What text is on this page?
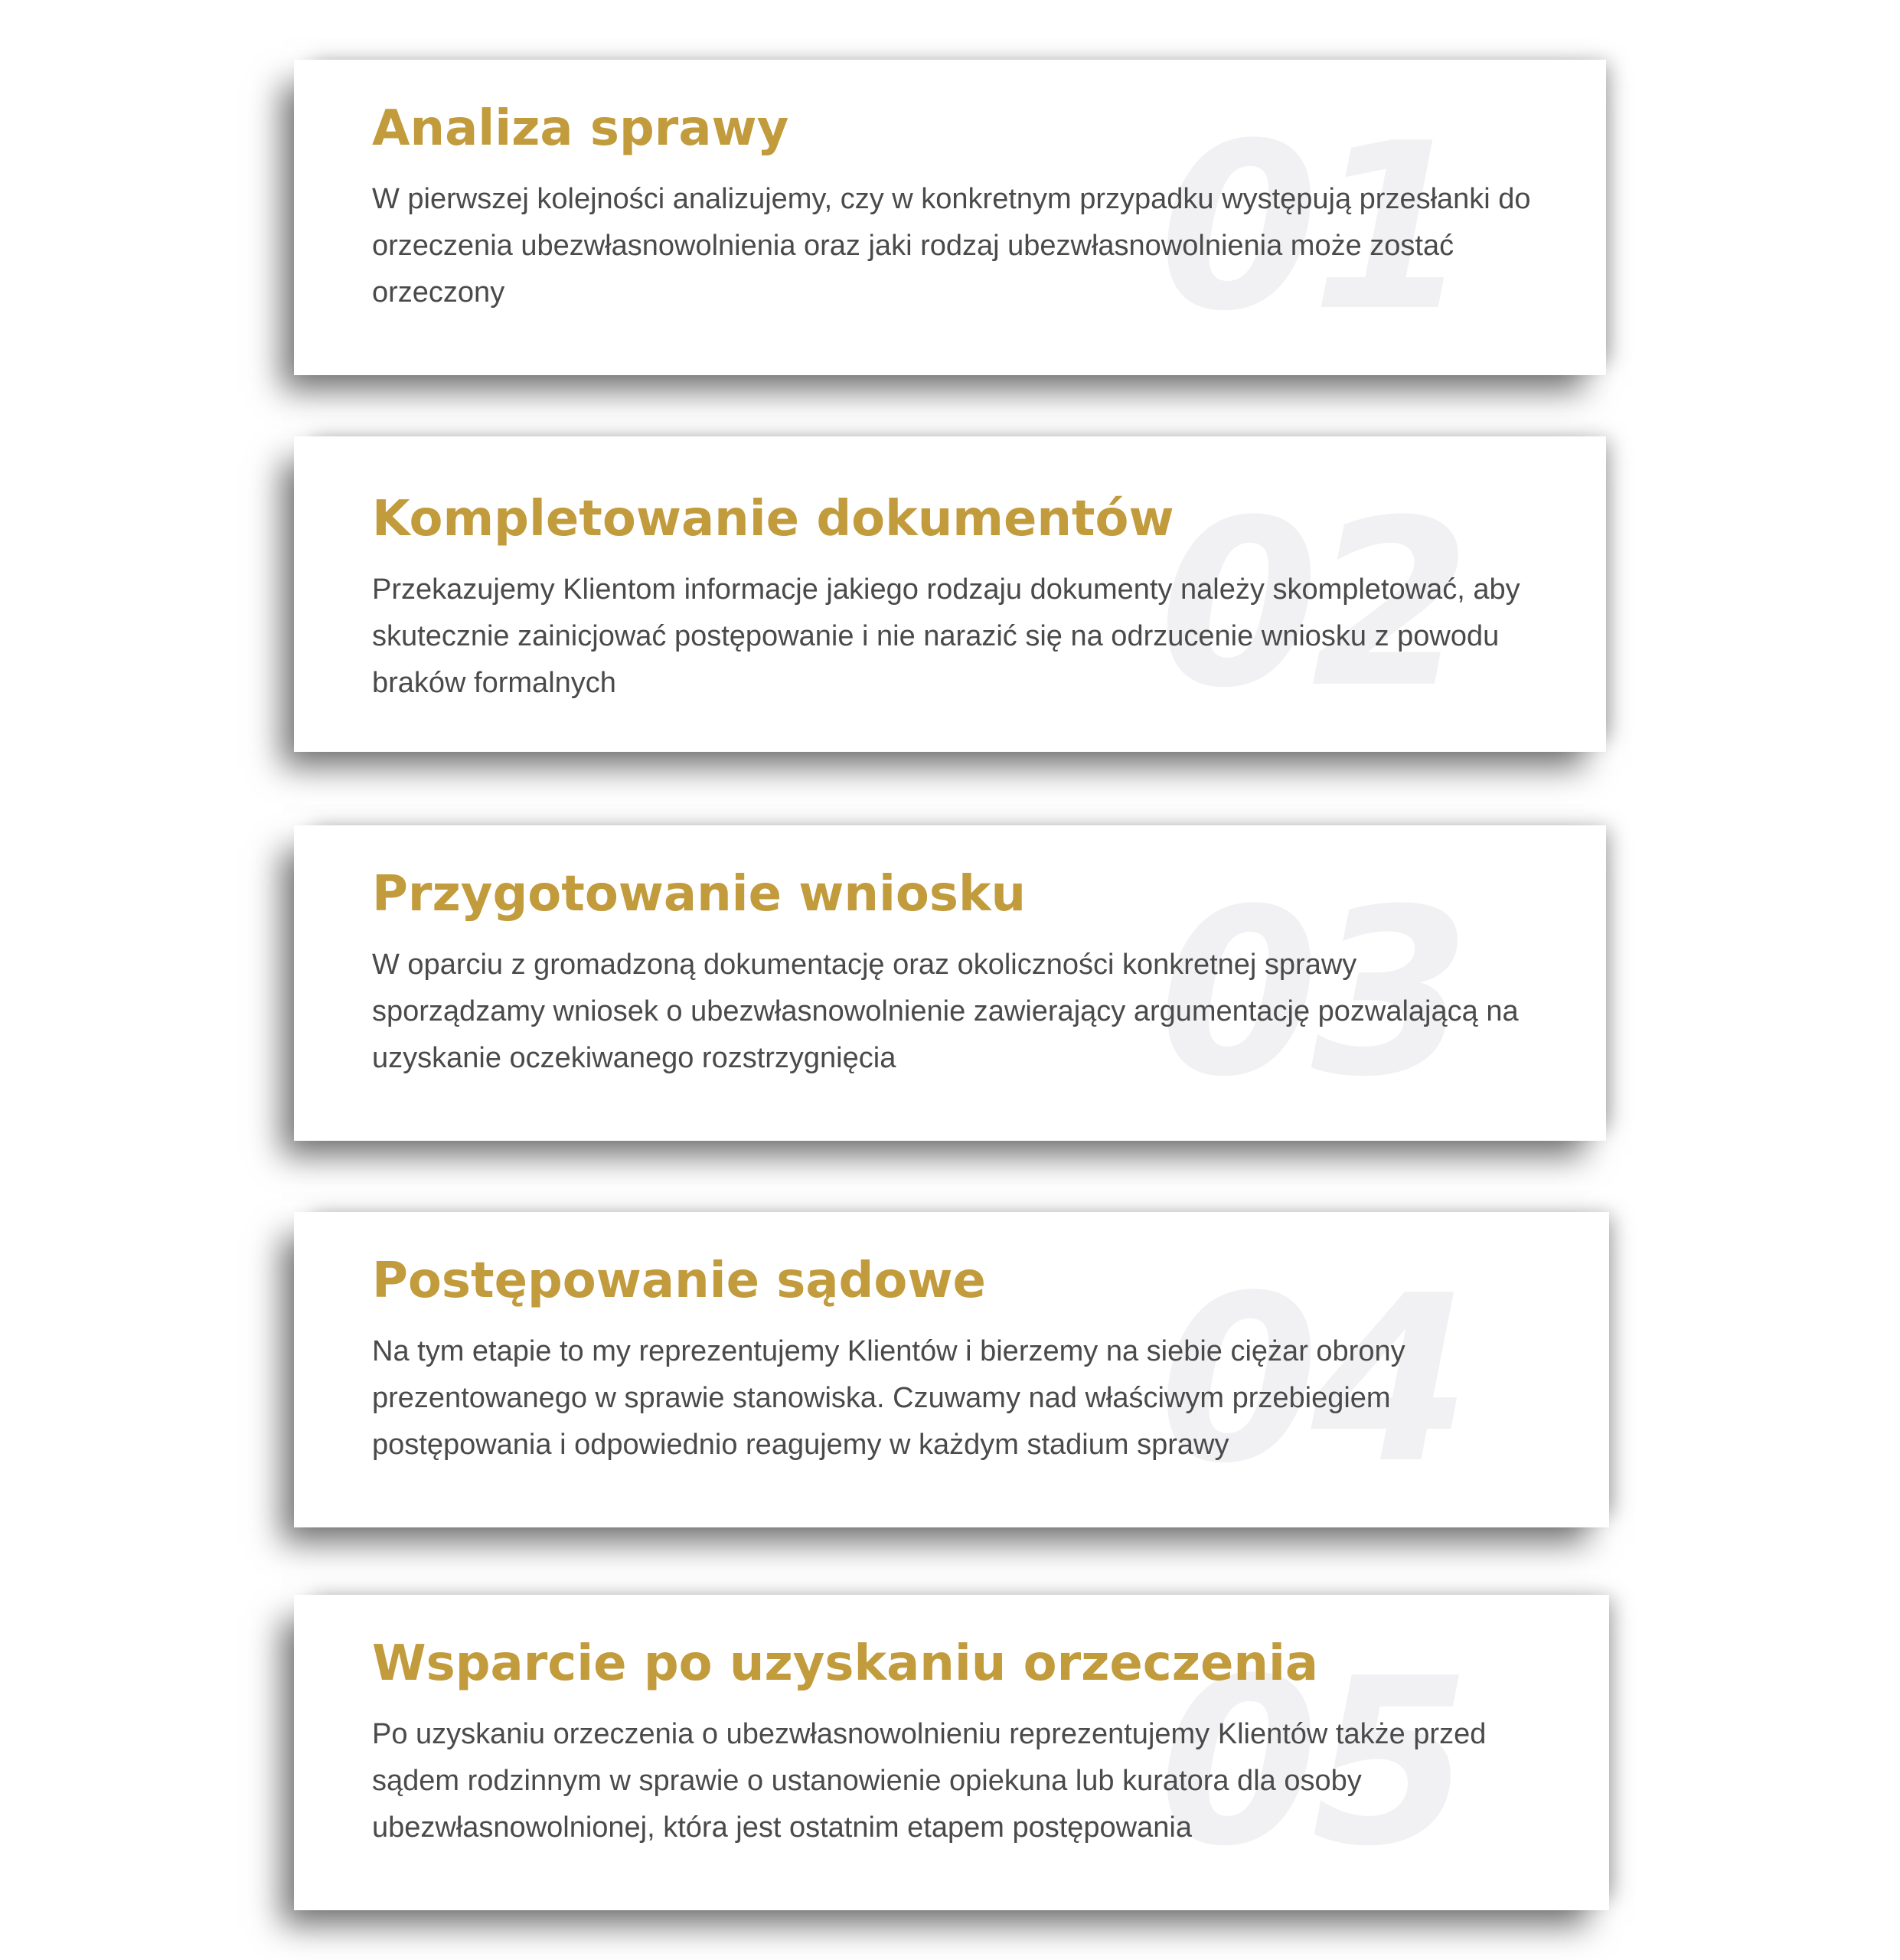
01
Analiza sprawy

W pierwszej kolejności analizujemy, czy w konkretnym przypadku występują przesłanki do orzeczenia ubezwłasnowolnienia oraz jaki rodzaj ubezwłasnowolnienia może zostać orzeczony

02
Kompletowanie dokumentów

Przekazujemy Klientom informacje jakiego rodzaju dokumenty należy skompletować, aby skutecznie zainicjować postępowanie i nie narazić się na odrzucenie wniosku z powodu braków formalnych

03
Przygotowanie wniosku

W oparciu z gromadzoną dokumentację oraz okoliczności konkretnej sprawy sporządzamy wniosek o ubezwłasnowolnienie zawierający argumentację pozwalającą na uzyskanie oczekiwanego rozstrzygnięcia

04
Postępowanie sądowe

Na tym etapie to my reprezentujemy Klientów i bierzemy na siebie ciężar obrony prezentowanego w sprawie stanowiska. Czuwamy nad właściwym przebiegiem postępowania i odpowiednio reagujemy w każdym stadium sprawy

05
Wsparcie po uzyskaniu orzeczenia

Po uzyskaniu orzeczenia o ubezwłasnowolnieniu reprezentujemy Klientów także przed sądem rodzinnym w sprawie o ustanowienie opiekuna lub kuratora dla osoby ubezwłasnowolnionej, która jest ostatnim etapem postępowania
